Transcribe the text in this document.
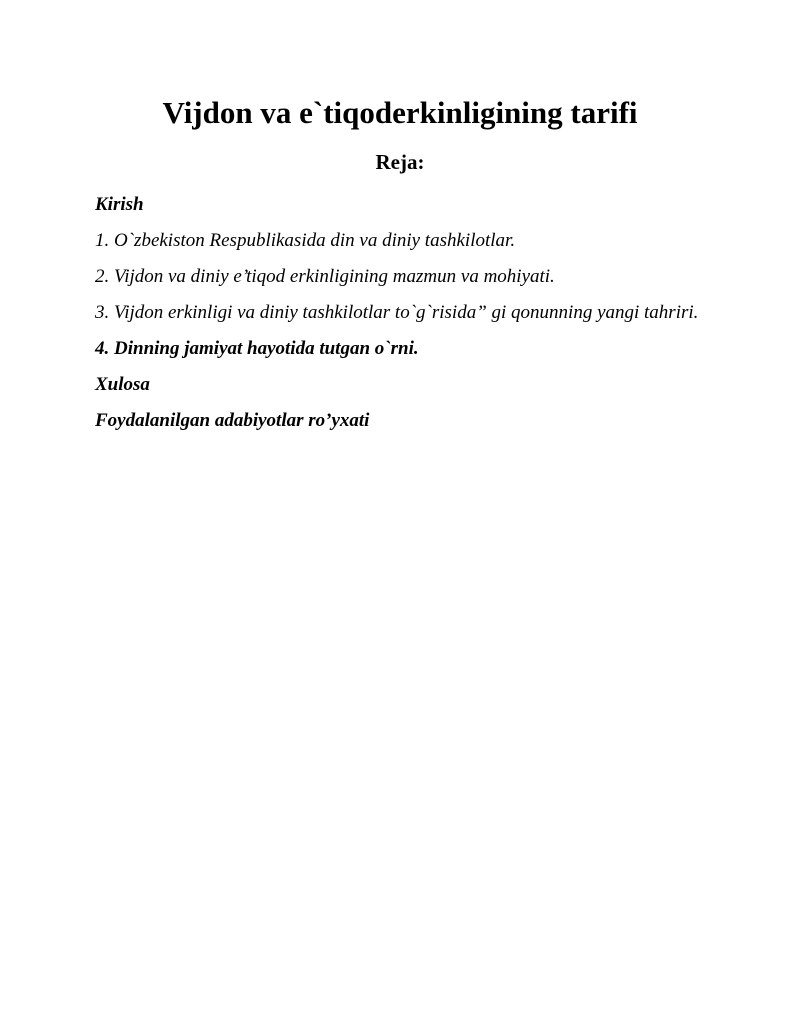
Vijdon va e`tiqoderkinligining tarifi
Reja:
Kirish
1. O`zbekiston Respublikasida din va diniy tashkilotlar.
2. Vijdon va diniy e’tiqod erkinligining mazmun va mohiyati.
3. Vijdon erkinligi va diniy tashkilotlar to`g`risida” gi qonunning yangi tahriri.
4. Dinning jamiyat hayotida tutgan o`rni.
Xulosa
Foydalanilgan adabiyotlar ro’yxati
